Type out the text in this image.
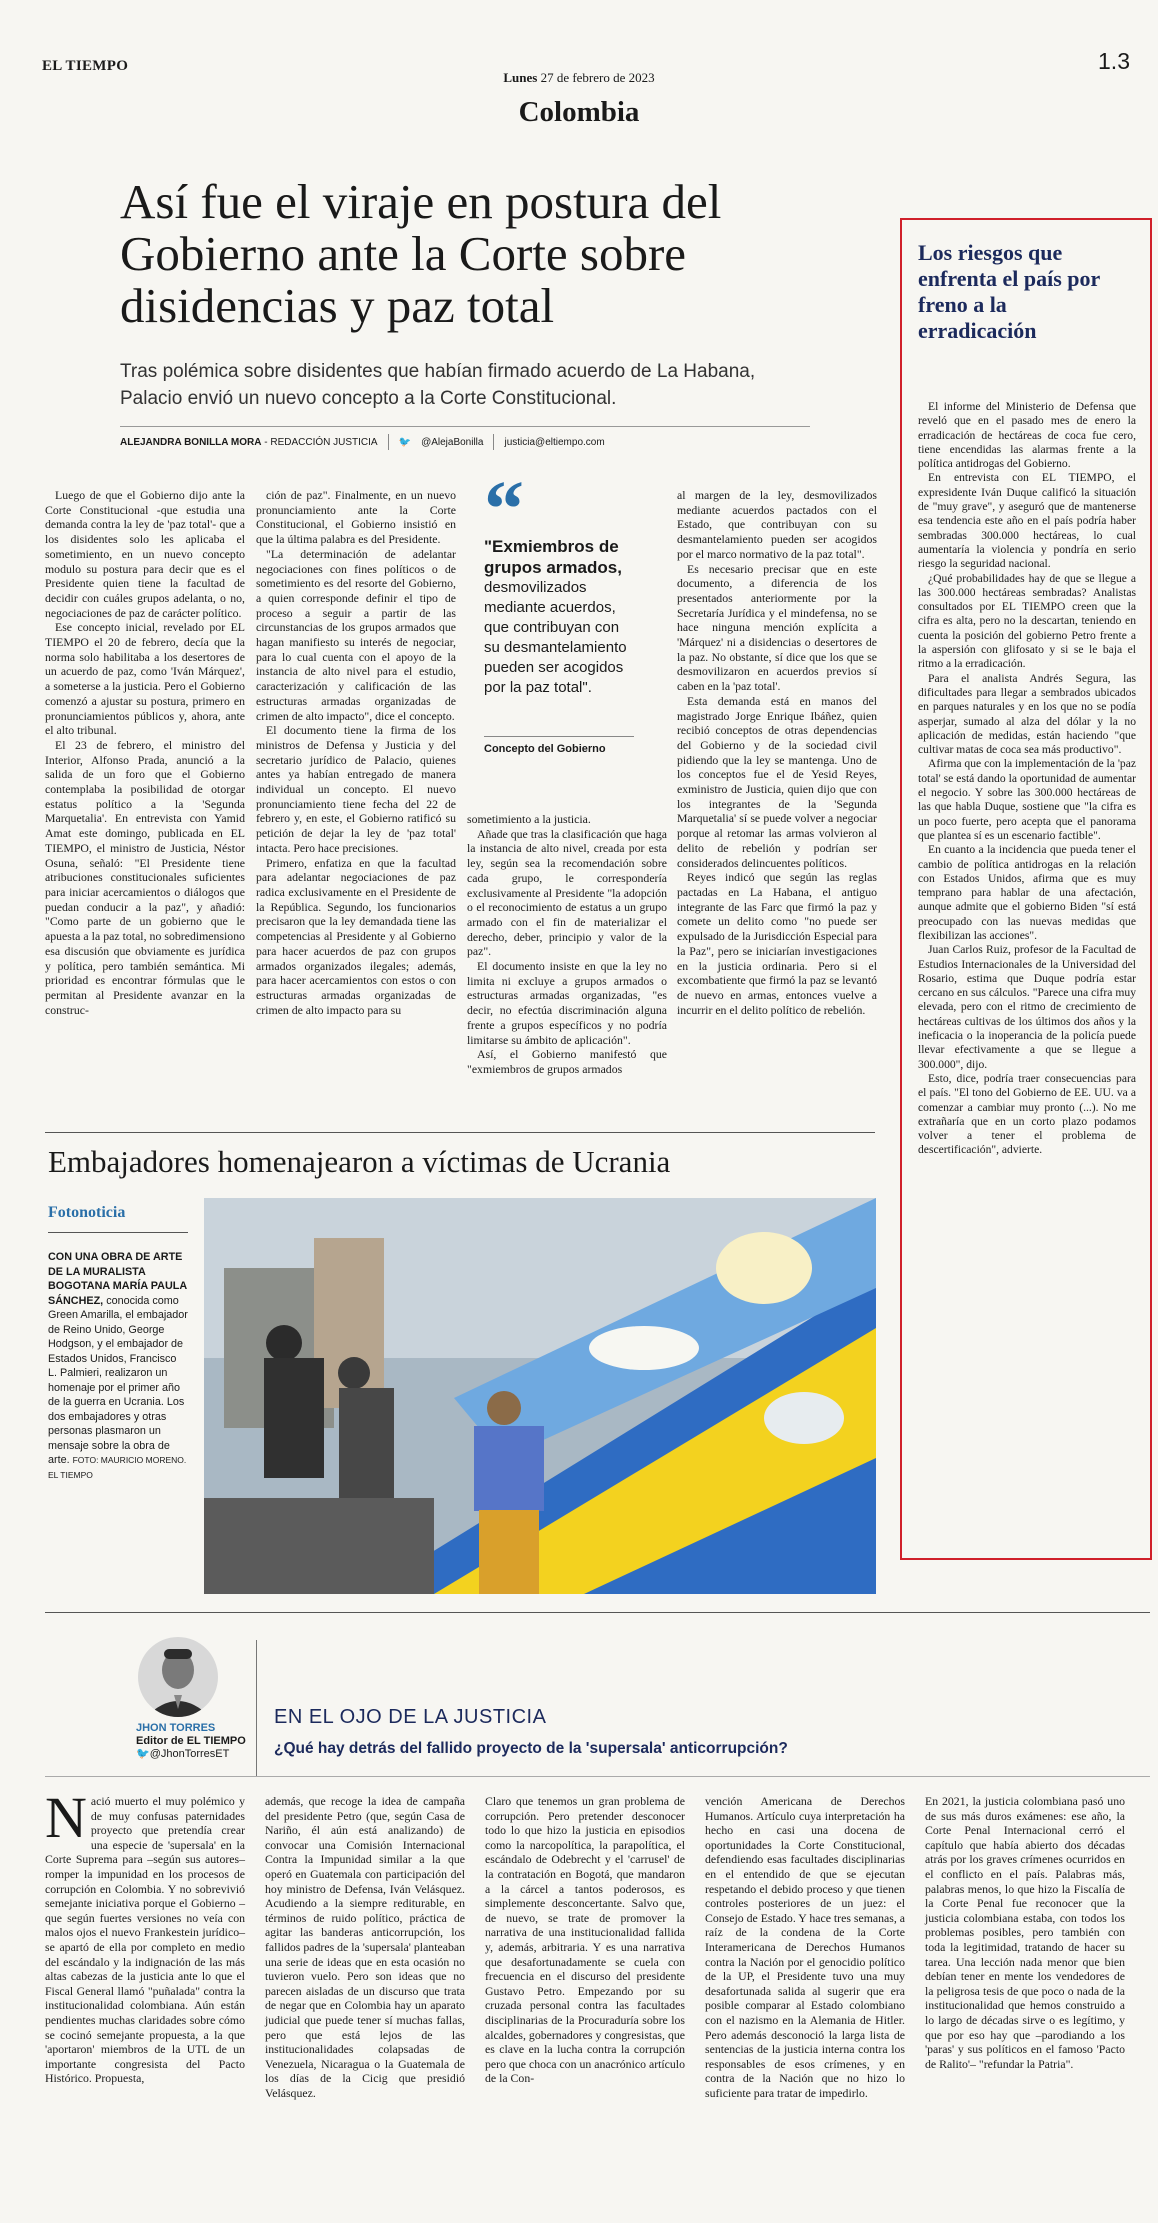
EL TIEMPO	1.3
Lunes 27 de febrero de 2023
Colombia
Así fue el viraje en postura del Gobierno ante la Corte sobre disidencias y paz total
Tras polémica sobre disidentes que habían firmado acuerdo de La Habana, Palacio envió un nuevo concepto a la Corte Constitucional.
ALEJANDRA BONILLA MORA - REDACCIÓN JUSTICIA 🐦 @AlejaBonilla justicia@eltiempo.com

Luego de que el Gobierno dijo ante la Corte Constitucional -que estudia una demanda contra la ley de 'paz total'- que a los disidentes solo les aplicaba el sometimiento, en un nuevo concepto modulo su postura para decir que es el Presidente quien tiene la facultad de decidir con cuáles grupos adelanta, o no, negociaciones de paz de carácter político.

Ese concepto inicial, revelado por EL TIEMPO el 20 de febrero, decía que la norma solo habilitaba a los desertores de un acuerdo de paz, como 'Iván Márquez', a someterse a la justicia. Pero el Gobierno comenzó a ajustar su postura, primero en pronunciamientos públicos y, ahora, ante el alto tribunal.

El 23 de febrero, el ministro del Interior, Alfonso Prada, anunció a la salida de un foro que el Gobierno contemplaba la posibilidad de otorgar estatus político a la 'Segunda Marquetalia'. En entrevista con Yamid Amat este domingo, publicada en EL TIEMPO, el ministro de Justicia, Néstor Osuna, señaló: "El Presidente tiene atribuciones constitucionales suficientes para iniciar acercamientos o diálogos que puedan conducir a la paz", y añadió: "Como parte de un gobierno que le apuesta a la paz total, no sobredimensiono esa discusión que obviamente es jurídica y política, pero también semántica. Mi prioridad es encontrar fórmulas que le permitan al Presidente avanzar en la construc-

ción de paz". Finalmente, en un nuevo pronunciamiento ante la Corte Constitucional, el Gobierno insistió en que la última palabra es del Presidente.

"La determinación de adelantar negociaciones con fines políticos o de sometimiento es del resorte del Gobierno, a quien corresponde definir el tipo de proceso a seguir a partir de las circunstancias de los grupos armados que hagan manifiesto su interés de negociar, para lo cual cuenta con el apoyo de la instancia de alto nivel para el estudio, caracterización y calificación de las estructuras armadas organizadas de crimen de alto impacto", dice el concepto.

El documento tiene la firma de los ministros de Defensa y Justicia y del secretario jurídico de Palacio, quienes antes ya habían entregado de manera individual un concepto. El nuevo pronunciamiento tiene fecha del 22 de febrero y, en este, el Gobierno ratificó su petición de dejar la ley de 'paz total' intacta. Pero hace precisiones.

Primero, enfatiza en que la facultad para adelantar negociaciones de paz radica exclusivamente en el Presidente de la República. Segundo, los funcionarios precisaron que la ley demandada tiene las competencias al Presidente y al Gobierno para hacer acuerdos de paz con grupos armados organizados ilegales; además, para hacer acercamientos con estos o con estructuras armadas organizadas de crimen de alto impacto para su

“
"Exmiembros de grupos armados,
desmovilizados mediante acuerdos, que contribuyan con su desmantelamiento pueden ser acogidos por la paz total".
Concepto del Gobierno

sometimiento a la justicia.

Añade que tras la clasificación que haga la instancia de alto nivel, creada por esta ley, según sea la recomendación sobre cada grupo, le correspondería exclusivamente al Presidente "la adopción o el reconocimiento de estatus a un grupo armado con el fin de materializar el derecho, deber, principio y valor de la paz".

El documento insiste en que la ley no limita ni excluye a grupos armados o estructuras armadas organizadas, "es decir, no efectúa discriminación alguna frente a grupos específicos y no podría limitarse su ámbito de aplicación".

Así, el Gobierno manifestó que "exmiembros de grupos armados

al margen de la ley, desmovilizados mediante acuerdos pactados con el Estado, que contribuyan con su desmantelamiento pueden ser acogidos por el marco normativo de la paz total".

Es necesario precisar que en este documento, a diferencia de los presentados anteriormente por la Secretaría Jurídica y el mindefensa, no se hace ninguna mención explícita a 'Márquez' ni a disidencias o desertores de la paz. No obstante, sí dice que los que se desmovilizaron en acuerdos previos sí caben en la 'paz total'.

Esta demanda está en manos del magistrado Jorge Enrique Ibáñez, quien recibió conceptos de otras dependencias del Gobierno y de la sociedad civil pidiendo que la ley se mantenga. Uno de los conceptos fue el de Yesid Reyes, exministro de Justicia, quien dijo que con los integrantes de la 'Segunda Marquetalia' sí se puede volver a negociar porque al retomar las armas volvieron al delito de rebelión y podrían ser considerados delincuentes políticos.

Reyes indicó que según las reglas pactadas en La Habana, el antiguo integrante de las Farc que firmó la paz y comete un delito como "no puede ser expulsado de la Jurisdicción Especial para la Paz", pero se iniciarían investigaciones en la justicia ordinaria. Pero si el excombatiente que firmó la paz se levantó de nuevo en armas, entonces vuelve a incurrir en el delito político de rebelión.

Los riesgos que enfrenta el país por freno a la erradicación

El informe del Ministerio de Defensa que reveló que en el pasado mes de enero la erradicación de hectáreas de coca fue cero, tiene encendidas las alarmas frente a la política antidrogas del Gobierno.

En entrevista con EL TIEMPO, el expresidente Iván Duque calificó la situación de "muy grave", y aseguró que de mantenerse esa tendencia este año en el país podría haber sembradas 300.000 hectáreas, lo cual aumentaría la violencia y pondría en serio riesgo la seguridad nacional.

¿Qué probabilidades hay de que se llegue a las 300.000 hectáreas sembradas? Analistas consultados por EL TIEMPO creen que la cifra es alta, pero no la descartan, teniendo en cuenta la posición del gobierno Petro frente a la aspersión con glifosato y si se le baja el ritmo a la erradicación.

Para el analista Andrés Segura, las dificultades para llegar a sembrados ubicados en parques naturales y en los que no se podía asperjar, sumado al alza del dólar y la no aplicación de medidas, están haciendo "que cultivar matas de coca sea más productivo".

Afirma que con la implementación de la 'paz total' se está dando la oportunidad de aumentar el negocio. Y sobre las 300.000 hectáreas de las que habla Duque, sostiene que "la cifra es un poco fuerte, pero acepta que el panorama que plantea sí es un escenario factible".

En cuanto a la incidencia que pueda tener el cambio de política antidrogas en la relación con Estados Unidos, afirma que es muy temprano para hablar de una afectación, aunque admite que el gobierno Biden "sí está preocupado con las nuevas medidas que flexibilizan las acciones".

Juan Carlos Ruiz, profesor de la Facultad de Estudios Internacionales de la Universidad del Rosario, estima que Duque podría estar cercano en sus cálculos. "Parece una cifra muy elevada, pero con el ritmo de crecimiento de hectáreas cultivas de los últimos dos años y la ineficacia o la inoperancia de la policía puede llevar efectivamente a que se llegue a 300.000", dijo.

Esto, dice, podría traer consecuencias para el país. "El tono del Gobierno de EE. UU. va a comenzar a cambiar muy pronto (...). No me extrañaría que en un corto plazo podamos volver a tener el problema de descertificación", advierte.

Embajadores homenajearon a víctimas de Ucrania
Fotonoticia
CON UNA OBRA DE ARTE DE LA MURALISTA BOGOTANA MARÍA PAULA SÁNCHEZ, conocida como Green Amarilla, el embajador de Reino Unido, George Hodgson, y el embajador de Estados Unidos, Francisco L. Palmieri, realizaron un homenaje por el primer año de la guerra en Ucrania. Los dos embajadores y otras personas plasmaron un mensaje sobre la obra de arte. FOTO: MAURICIO MORENO. EL TIEMPO
JHON TORRES
Editor de EL TIEMPO
🐦@JhonTorresET
EN EL OJO DE LA JUSTICIA
¿Qué hay detrás del fallido proyecto de la 'supersala' anticorrupción?
Nació muerto el muy polémico y de muy confusas paternidades proyecto que pretendía crear una especie de 'supersala' en la Corte Suprema para –según sus autores– romper la impunidad en los procesos de corrupción en Colombia. Y no sobrevivió semejante iniciativa porque el Gobierno –que según fuertes versiones no veía con malos ojos el nuevo Frankestein jurídico– se apartó de ella por completo en medio del escándalo y la indignación de las más altas cabezas de la justicia ante lo que el Fiscal General llamó "puñalada" contra la institucionalidad colombiana. Aún están pendientes muchas claridades sobre cómo se cocinó semejante propuesta, a la que 'aportaron' miembros de la UTL de un importante congresista del Pacto Histórico. Propuesta,
además, que recoge la idea de campaña del presidente Petro (que, según Casa de Nariño, él aún está analizando) de convocar una Comisión Internacional Contra la Impunidad similar a la que operó en Guatemala con participación del hoy ministro de Defensa, Iván Velásquez. Acudiendo a la siempre rediturable, en términos de ruido político, práctica de agitar las banderas anticorrupción, los fallidos padres de la 'supersala' planteaban una serie de ideas que en esta ocasión no tuvieron vuelo. Pero son ideas que no parecen aisladas de un discurso que trata de negar que en Colombia hay un aparato judicial que puede tener sí muchas fallas, pero que está lejos de las institucionalidades colapsadas de Venezuela, Nicaragua o la Guatemala de los días de la Cicig que presidió Velásquez.
Claro que tenemos un gran problema de corrupción. Pero pretender desconocer todo lo que hizo la justicia en episodios como la narcopolítica, la parapolítica, el escándalo de Odebrecht y el 'carrusel' de la contratación en Bogotá, que mandaron a la cárcel a tantos poderosos, es simplemente desconcertante. Salvo que, de nuevo, se trate de promover la narrativa de una institucionalidad fallida y, además, arbitraria. Y es una narrativa que desafortunadamente se cuela con frecuencia en el discurso del presidente Gustavo Petro. Empezando por su cruzada personal contra las facultades disciplinarias de la Procuraduría sobre los alcaldes, gobernadores y congresistas, que es clave en la lucha contra la corrupción pero que choca con un anacrónico artículo de la Con-
vención Americana de Derechos Humanos. Artículo cuya interpretación ha hecho en casi una docena de oportunidades la Corte Constitucional, defendiendo esas facultades disciplinarias en el entendido de que se ejecutan respetando el debido proceso y que tienen controles posteriores de un juez: el Consejo de Estado. Y hace tres semanas, a raíz de la condena de la Corte Interamericana de Derechos Humanos contra la Nación por el genocidio político de la UP, el Presidente tuvo una muy desafortunada salida al sugerir que era posible comparar al Estado colombiano con el nazismo en la Alemania de Hitler. Pero además desconoció la larga lista de sentencias de la justicia interna contra los responsables de esos crímenes, y en contra de la Nación que no hizo lo suficiente para tratar de impedirlo.
En 2021, la justicia colombiana pasó uno de sus más duros exámenes: ese año, la Corte Penal Internacional cerró el capítulo que había abierto dos décadas atrás por los graves crímenes ocurridos en el conflicto en el país. Palabras más, palabras menos, lo que hizo la Fiscalía de la Corte Penal fue reconocer que la justicia colombiana estaba, con todos los problemas posibles, pero también con toda la legitimidad, tratando de hacer su tarea. Una lección nada menor que bien debían tener en mente los vendedores de la peligrosa tesis de que poco o nada de la institucionalidad que hemos construido a lo largo de décadas sirve o es legítimo, y que por eso hay que –parodiando a los 'paras' y sus políticos en el famoso 'Pacto de Ralito'– "refundar la Patria".
